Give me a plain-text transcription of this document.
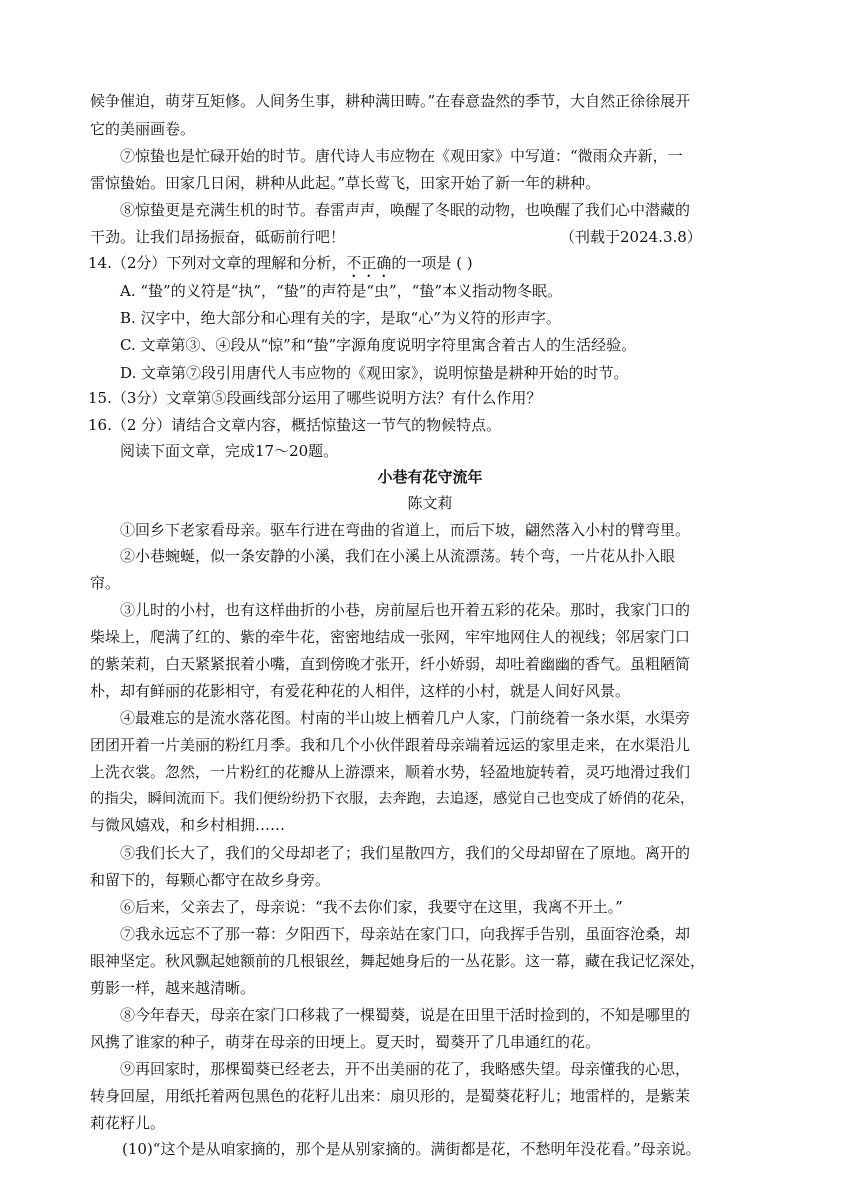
候争催迫，萌芽互矩修。人间务生事，耕种满田畴。”在春意盎然的季节，大自然正徐徐展开
它的美丽画卷。
⑦惊蛰也是忙碌开始的时节。唐代诗人韦应物在《观田家》中写道：“微雨众卉新，一
雷惊蛰始。田家几日闲，耕种从此起。”草长莺飞，田家开始了新一年的耕种。
⑧惊蛰更是充满生机的时节。春雷声声，唤醒了冬眠的动物，也唤醒了我们心中潜藏的
干劲。让我们昂扬振奋，砥砺前行吧！	（刊载于2024.3.8）
14.（2分）下列对文章的理解和分析，不正确的一项是 ( )
A. “蛰”的义符是“执”，“蛰”的声符是“虫”，“蛰”本义指动物冬眠。
B. 汉字中，绝大部分和心理有关的字，是取“心”为义符的形声字。
C. 文章第③、④段从“惊”和“蛰”字源角度说明字符里寓含着古人的生活经验。
D. 文章第⑦段引用唐代人韦应物的《观田家》，说明惊蛰是耕种开始的时节。
15.（3分）文章第⑤段画线部分运用了哪些说明方法？有什么作用？
16.（2 分）请结合文章内容，概括惊蛰这一节气的物候特点。
阅读下面文章，完成17～20题。
小巷有花守流年
陈文莉
①回乡下老家看母亲。驱车行进在弯曲的省道上，而后下坡，翩然落入小村的臂弯里。
②小巷蜿蜒，似一条安静的小溪，我们在小溪上从流漂荡。转个弯，一片花从扑入眼
帘。
③儿时的小村，也有这样曲折的小巷，房前屋后也开着五彩的花朵。那时，我家门口的
柴垛上，爬满了红的、紫的牵牛花，密密地结成一张网，牢牢地网住人的视线；邻居家门口
的紫茉莉，白天紧紧抿着小嘴，直到傍晚才张开，纤小娇弱，却吐着幽幽的香气。虽粗陋简
朴，却有鲜丽的花影相守，有爱花种花的人相伴，这样的小村，就是人间好风景。
④最难忘的是流水落花图。村南的半山坡上栖着几户人家，门前绕着一条水渠，水渠旁
团团开着一片美丽的粉红月季。我和几个小伙伴跟着母亲端着远运的家里走来，在水渠沿儿
上洗衣裳。忽然，一片粉红的花瓣从上游漂来，顺着水势，轻盈地旋转着，灵巧地滑过我们
的指尖，瞬间流而下。我们便纷纷扔下衣服，去奔跑，去追逐，感觉自己也变成了娇俏的花朵，
与微风嬉戏，和乡村相拥……
⑤我们长大了，我们的父母却老了；我们星散四方，我们的父母却留在了原地。离开的
和留下的，每颗心都守在故乡身旁。
⑥后来，父亲去了，母亲说：“我不去你们家，我要守在这里，我离不开土。”
⑦我永远忘不了那一幕：夕阳西下，母亲站在家门口，向我挥手告别，虽面容沧桑，却
眼神坚定。秋风飘起她额前的几根银丝，舞起她身后的一丛花影。这一幕，藏在我记忆深处，
剪影一样，越来越清晰。
⑧今年春天，母亲在家门口移栽了一棵蜀葵，说是在田里干活时捡到的，不知是哪里的
风携了谁家的种子，萌芽在母亲的田埂上。夏天时，蜀葵开了几串通红的花。
⑨再回家时，那棵蜀葵已经老去，开不出美丽的花了，我略感失望。母亲懂我的心思，
转身回屋，用纸托着两包黑色的花籽儿出来：扇贝形的，是蜀葵花籽儿；地雷样的，是紫茉
莉花籽儿。
(10)“这个是从咱家摘的，那个是从别家摘的。满街都是花，不愁明年没花看。”母亲说。
